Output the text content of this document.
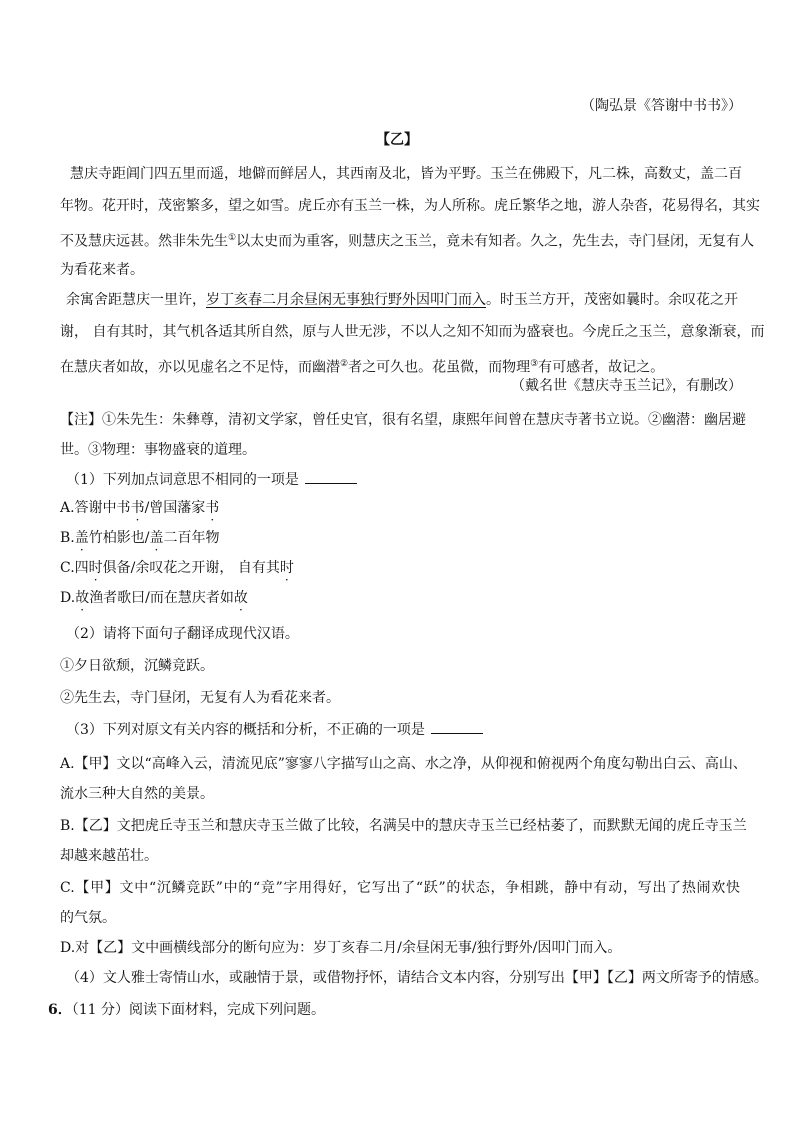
（陶弘景《答谢中书书》）
【乙】
慧庆寺距阊门四五里而遥，地僻而鲜居人，其西南及北，皆为平野。玉兰在佛殿下，凡二株，高数丈，盖二百
年物。花开时，茂密繁多，望之如雪。虎丘亦有玉兰一株，为人所称。虎丘繁华之地，游人杂沓，花易得名，其实
不及慧庆远甚。然非朱先生①以太史而为重客，则慧庆之玉兰，竟未有知者。久之，先生去，寺门昼闭，无复有人
为看花来者。
余寓舍距慧庆一里许，岁丁亥春二月余昼闲无事独行野外因叩门而入。时玉兰方开，茂密如曩时。余叹花之开
谢， 自有其时，其气机各适其所自然，原与人世无涉，不以人之知不知而为盛衰也。今虎丘之玉兰，意象渐衰，而
在慧庆者如故，亦以见虚名之不足恃，而幽潜②者之可久也。花虽微，而物理③有可感者，故记之。
（戴名世《慧庆寺玉兰记》，有删改）
【注】①朱先生：朱彝尊，清初文学家，曾任史官，很有名望，康熙年间曾在慧庆寺著书立说。②幽潜：幽居避
世。③物理：事物盛衰的道理。
（1）下列加点词意思不相同的一项是
A.答谢中书书/曾国藩家书
B.盖竹柏影也/盖二百年物
C.四时俱备/余叹花之开谢， 自有其时
D.故渔者歌曰/而在慧庆者如故
（2）请将下面句子翻译成现代汉语。
①夕日欲颓，沉鳞竞跃。
②先生去，寺门昼闭，无复有人为看花来者。
（3）下列对原文有关内容的概括和分析，不正确的一项是
A.【甲】文以“高峰入云，清流见底”寥寥八字描写山之高、水之净，从仰视和俯视两个角度勾勒出白云、高山、
流水三种大自然的美景。
B.【乙】文把虎丘寺玉兰和慧庆寺玉兰做了比较，名满吴中的慧庆寺玉兰已经枯萎了，而默默无闻的虎丘寺玉兰
却越来越茁壮。
C.【甲】文中“沉鳞竞跃”中的“竞”字用得好，它写出了“跃”的状态，争相跳，静中有动，写出了热闹欢快
的气氛。
D.对【乙】文中画横线部分的断句应为：岁丁亥春二月/余昼闲无事/独行野外/因叩门而入。
（4）文人雅士寄情山水，或融情于景，或借物抒怀，请结合文本内容，分别写出【甲】【乙】两文所寄予的情感。
6．（11 分）阅读下面材料，完成下列问题。
